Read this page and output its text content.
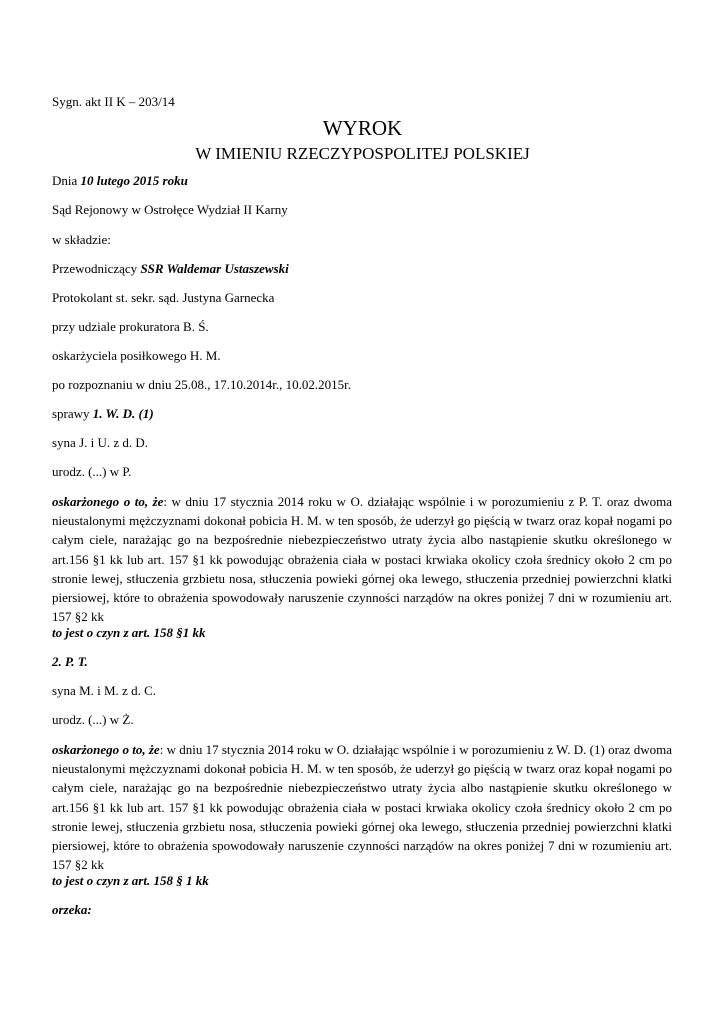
Sygn. akt II K – 203/14
WYROK
W IMIENIU RZECZYPOSPOLITEJ POLSKIEJ
Dnia 10 lutego 2015 roku
Sąd Rejonowy w Ostrołęce Wydział II Karny
w składzie:
Przewodniczący SSR Waldemar Ustaszewski
Protokolant st. sekr. sąd. Justyna Garnecka
przy udziale prokuratora B. Ś.
oskarżyciela posiłkowego H. M.
po rozpoznaniu w dniu 25.08., 17.10.2014r., 10.02.2015r.
sprawy 1. W. D. (1)
syna J. i U. z d. D.
urodz. (...) w P.
oskarżonego o to, że: w dniu 17 stycznia 2014 roku w O. działając wspólnie i w porozumieniu z P. T. oraz dwoma nieustalonymi mężczyznami dokonał pobicia H. M. w ten sposób, że uderzył go pięścią w twarz oraz kopał nogami po całym ciele, narażając go na bezpośrednie niebezpieczeństwo utraty życia albo nastąpienie skutku określonego w art.156 §1 kk lub art. 157 §1 kk powodując obrażenia ciała w postaci krwiaka okolicy czoła średnicy około 2 cm po stronie lewej, stłuczenia grzbietu nosa, stłuczenia powieki górnej oka lewego, stłuczenia przedniej powierzchni klatki piersiowej, które to obrażenia spowodowały naruszenie czynności narządów na okres poniżej 7 dni w rozumieniu art. 157 §2 kk
to jest o czyn z art. 158 §1 kk
2. P. T.
syna M. i M. z d. C.
urodz. (...) w Ż.
oskarżonego o to, że: w dniu 17 stycznia 2014 roku w O. działając wspólnie i w porozumieniu z W. D. (1) oraz dwoma nieustalonymi mężczyznami dokonał pobicia H. M. w ten sposób, że uderzył go pięścią w twarz oraz kopał nogami po całym ciele, narażając go na bezpośrednie niebezpieczeństwo utraty życia albo nastąpienie skutku określonego w art.156 §1 kk lub art. 157 §1 kk powodując obrażenia ciała w postaci krwiaka okolicy czoła średnicy około 2 cm po stronie lewej, stłuczenia grzbietu nosa, stłuczenia powieki górnej oka lewego, stłuczenia przedniej powierzchni klatki piersiowej, które to obrażenia spowodowały naruszenie czynności narządów na okres poniżej 7 dni w rozumieniu art. 157 §2 kk
to jest o czyn z art. 158 § 1 kk
orzeka:
